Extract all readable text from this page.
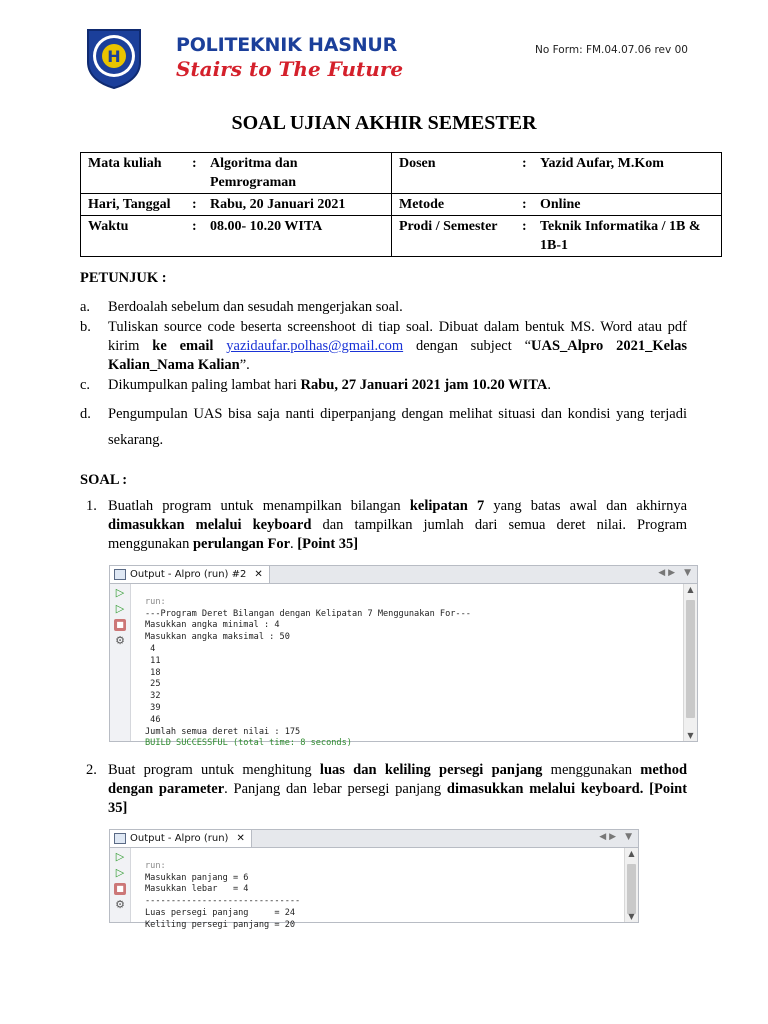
H
POLITEKNIK HASNUR
Stairs to The Future
No Form: FM.04.07.06 rev 00
SOAL UJIAN AKHIR SEMESTER
Mata kuliah : Algoritma dan Pemrograman	Dosen : Yazid Aufar, M.Kom

Hari, Tanggal : Rabu, 20 Januari 2021	Metode : Online

Waktu : 08.00- 10.20 WITA	Prodi / Semester : Teknik Informatika / 1B & 1B-1
PETUNJUK :
a.	Berdoalah sebelum dan sesudah mengerjakan soal.
b.	Tuliskan source code beserta screenshoot di tiap soal. Dibuat dalam bentuk MS. Word atau pdf kirim ke email yazidaufar.polhas@gmail.com dengan subject “UAS_Alpro 2021_Kelas Kalian_Nama Kalian”.
c.	Dikumpulkan paling lambat hari Rabu, 27 Januari 2021 jam 10.20 WITA.
d.	Pengumpulan UAS bisa saja nanti diperpanjang dengan melihat situasi dan kondisi yang terjadi sekarang.
SOAL :
1. Buatlah program untuk menampilkan bilangan kelipatan 7 yang batas awal dan akhirnya dimasukkan melalui keyboard dan tampilkan jumlah dari semua deret nilai. Program menggunakan perulangan For. [Point 35]
Output - Alpro (run) #2 ✕	◀ ▶ ▼
▷
▷
■
⚙

run:
---Program Deret Bilangan dengan Kelipatan 7 Menggunakan For---
Masukkan angka minimal : 4
Masukkan angka maksimal : 50
4
11
18
25
32
39
46
Jumlah semua deret nilai : 175
BUILD SUCCESSFUL (total time: 8 seconds)

▲
▼
2. Buat program untuk menghitung luas dan keliling persegi panjang menggunakan method dengan parameter. Panjang dan lebar persegi panjang dimasukkan melalui keyboard. [Point 35]
Output - Alpro (run) ✕	◀ ▶ ▼
▷
▷
■
⚙

run:
Masukkan panjang = 6
Masukkan lebar   = 4
------------------------------
Luas persegi panjang     = 24
Keliling persegi panjang = 20

▲
▼
